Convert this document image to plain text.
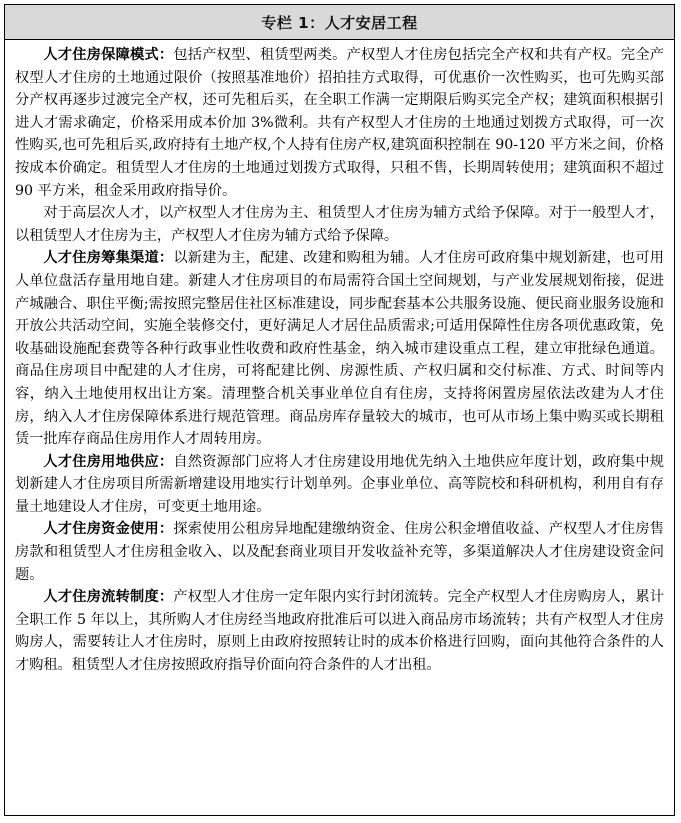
专栏 1：人才安居工程

人才住房保障模式：包括产权型、租赁型两类。产权型人才住房包括完全产权和共有产权。完全产权型人才住房的土地通过限价（按照基准地价）招拍挂方式取得，可优惠价一次性购买，也可先购买部分产权再逐步过渡完全产权，还可先租后买，在全职工作满一定期限后购买完全产权；建筑面积根据引进人才需求确定，价格采用成本价加 3%微利。共有产权型人才住房的土地通过划拨方式取得，可一次性购买,也可先租后买,政府持有土地产权,个人持有住房产权,建筑面积控制在 90-120 平方米之间，价格按成本价确定。租赁型人才住房的土地通过划拨方式取得，只租不售，长期周转使用；建筑面积不超过 90 平方米，租金采用政府指导价。

对于高层次人才，以产权型人才住房为主、租赁型人才住房为辅方式给予保障。对于一般型人才，以租赁型人才住房为主，产权型人才住房为辅方式给予保障。

人才住房筹集渠道：以新建为主，配建、改建和购租为辅。人才住房可政府集中规划新建，也可用人单位盘活存量用地自建。新建人才住房项目的布局需符合国土空间规划，与产业发展规划衔接，促进产城融合、职住平衡;需按照完整居住社区标准建设，同步配套基本公共服务设施、便民商业服务设施和开放公共活动空间，实施全装修交付，更好满足人才居住品质需求;可适用保障性住房各项优惠政策，免收基础设施配套费等各种行政事业性收费和政府性基金，纳入城市建设重点工程，建立审批绿色通道。商品住房项目中配建的人才住房，可将配建比例、房源性质、产权归属和交付标准、方式、时间等内容，纳入土地使用权出让方案。清理整合机关事业单位自有住房，支持将闲置房屋依法改建为人才住房，纳入人才住房保障体系进行规范管理。商品房库存量较大的城市，也可从市场上集中购买或长期租赁一批库存商品住房用作人才周转用房。

人才住房用地供应：自然资源部门应将人才住房建设用地优先纳入土地供应年度计划，政府集中规划新建人才住房项目所需新增建设用地实行计划单列。企事业单位、高等院校和科研机构，利用自有存量土地建设人才住房，可变更土地用途。

人才住房资金使用：探索使用公租房异地配建缴纳资金、住房公积金增值收益、产权型人才住房售房款和租赁型人才住房租金收入、以及配套商业项目开发收益补充等，多渠道解决人才住房建设资金问题。

人才住房流转制度：产权型人才住房一定年限内实行封闭流转。完全产权型人才住房购房人，累计全职工作 5 年以上，其所购人才住房经当地政府批准后可以进入商品房市场流转；共有产权型人才住房购房人，需要转让人才住房时，原则上由政府按照转让时的成本价格进行回购，面向其他符合条件的人才购租。租赁型人才住房按照政府指导价面向符合条件的人才出租。
